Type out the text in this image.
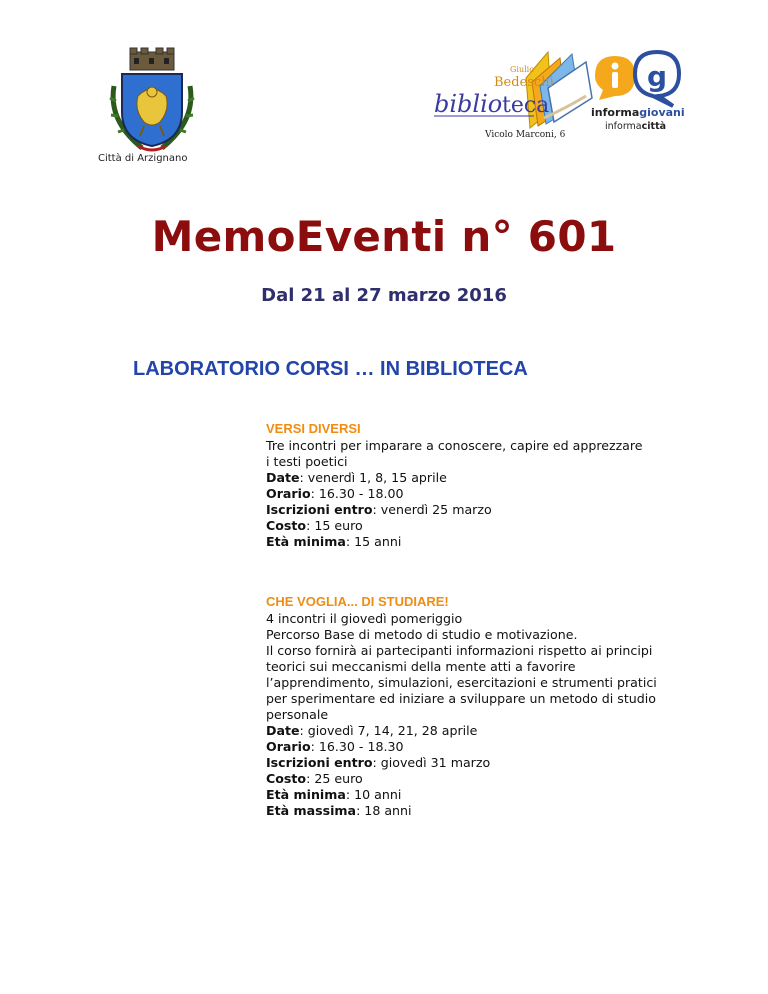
Città di Arzignano
Giulio
Bedeschi
biblio teca
Vicolo Marconi, 6
g
informagiovani
informacittà
MemoEventi n° 601
Dal 21 al 27 marzo 2016
LABORATORIO CORSI … IN BIBLIOTECA
VERSI DIVERSI

Tre incontri per imparare a conoscere, capire ed apprezzare

i testi poetici

Date: venerdì 1, 8, 15 aprile

Orario: 16.30 - 18.00

Iscrizioni entro: venerdì 25 marzo

Costo: 15 euro

Età minima: 15 anni

CHE VOGLIA... DI STUDIARE!

4 incontri il giovedì pomeriggio

Percorso Base di metodo di studio e motivazione.

Il corso fornirà ai partecipanti informazioni rispetto ai principi

teorici sui meccanismi della mente atti a favorire

l’apprendimento, simulazioni, esercitazioni e strumenti pratici

per sperimentare ed iniziare a sviluppare un metodo di studio

personale

Date: giovedì 7, 14, 21, 28 aprile

Orario: 16.30 - 18.30

Iscrizioni entro: giovedì 31 marzo

Costo: 25 euro

Età minima: 10 anni

Età massima: 18 anni
